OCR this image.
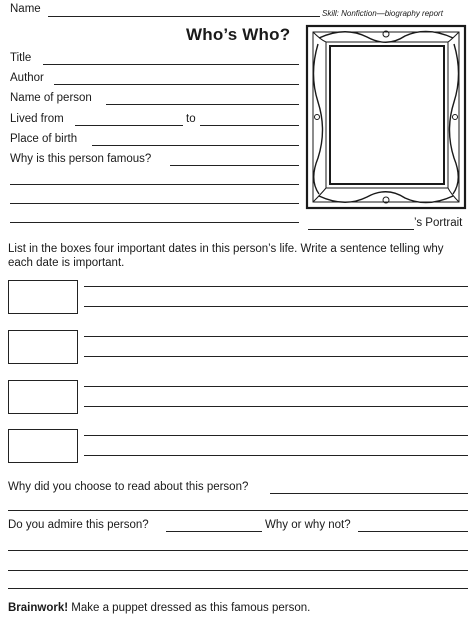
Name	Skill: Nonfiction—biography report
Who’s Who?
Title
Author
Name of person
Lived from	to
Place of birth
Why is this person famous?
’s Portrait
List in the boxes four important dates in this person’s life. Write a sentence telling why each date is important.
Why did you choose to read about this person?
Do you admire this person?	Why or why not?
Brainwork! Make a puppet dressed as this famous person.
